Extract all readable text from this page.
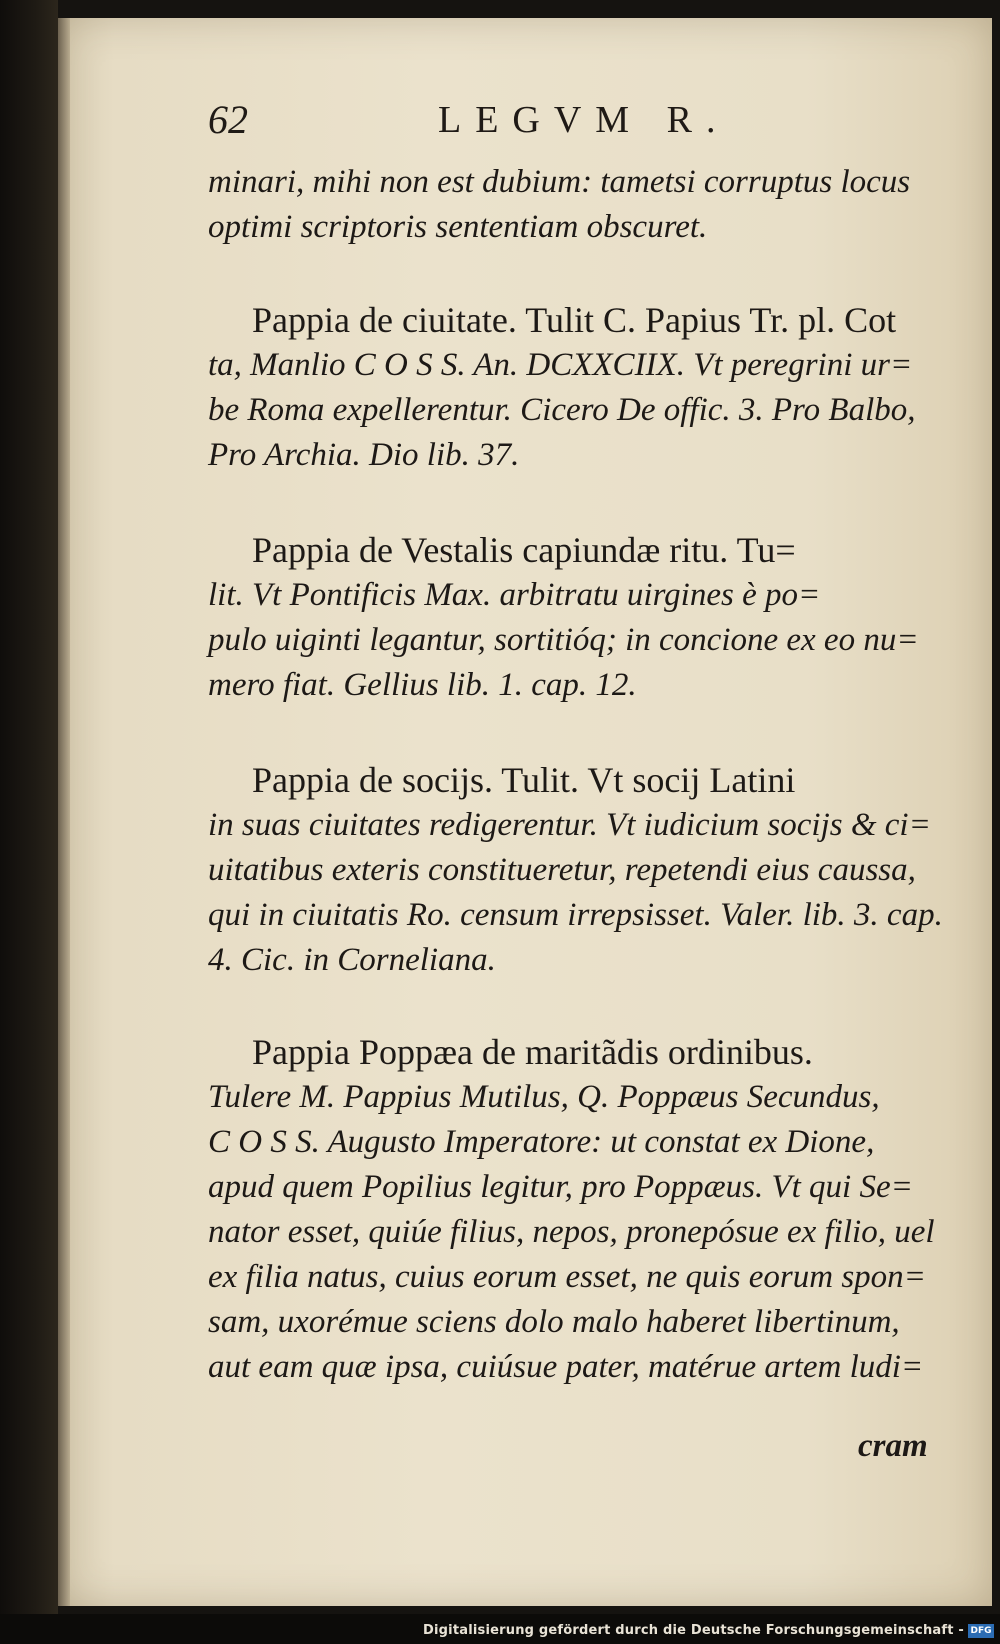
62	LEGVM R.
minari, mihi non est dubium: tametsi corruptus locus
optimi scriptoris sententiam obscuret.
Pappia de ciuitate. Tulit C. Papius Tr. pl. Cot
ta, Manlio C O S S. An. DCXXCIIX. Vt peregrini ur=
be Roma expellerentur. Cicero De offic. 3. Pro Balbo,
Pro Archia. Dio lib. 37.
Pappia de Vestalis capiundæ ritu. Tu=
lit. Vt Pontificis Max. arbitratu uirgines è po=
pulo uiginti legantur, sortitióq; in concione ex eo nu=
mero fiat. Gellius lib. 1. cap. 12.
Pappia de socijs. Tulit. Vt socij Latini
in suas ciuitates redigerentur. Vt iudicium socijs & ci=
uitatibus exteris constitueretur, repetendi eius caussa,
qui in ciuitatis Ro. censum irrepsisset. Valer. lib. 3. cap.
4. Cic. in Corneliana.
Pappia Poppæa de maritãdis ordinibus.
Tulere M. Pappius Mutilus, Q. Poppæus Secundus,
C O S S. Augusto Imperatore: ut constat ex Dione,
apud quem Popilius legitur, pro Poppæus. Vt qui Se=
nator esset, quiúe filius, nepos, pronepósue ex filio, uel
ex filia natus, cuius eorum esset, ne quis eorum spon=
sam, uxorémue sciens dolo malo haberet libertinum,
aut eam quæ ipsa, cuiúsue pater, matérue artem ludi=
cram
Digitalisierung gefördert durch die Deutsche Forschungsgemeinschaft - DFG
